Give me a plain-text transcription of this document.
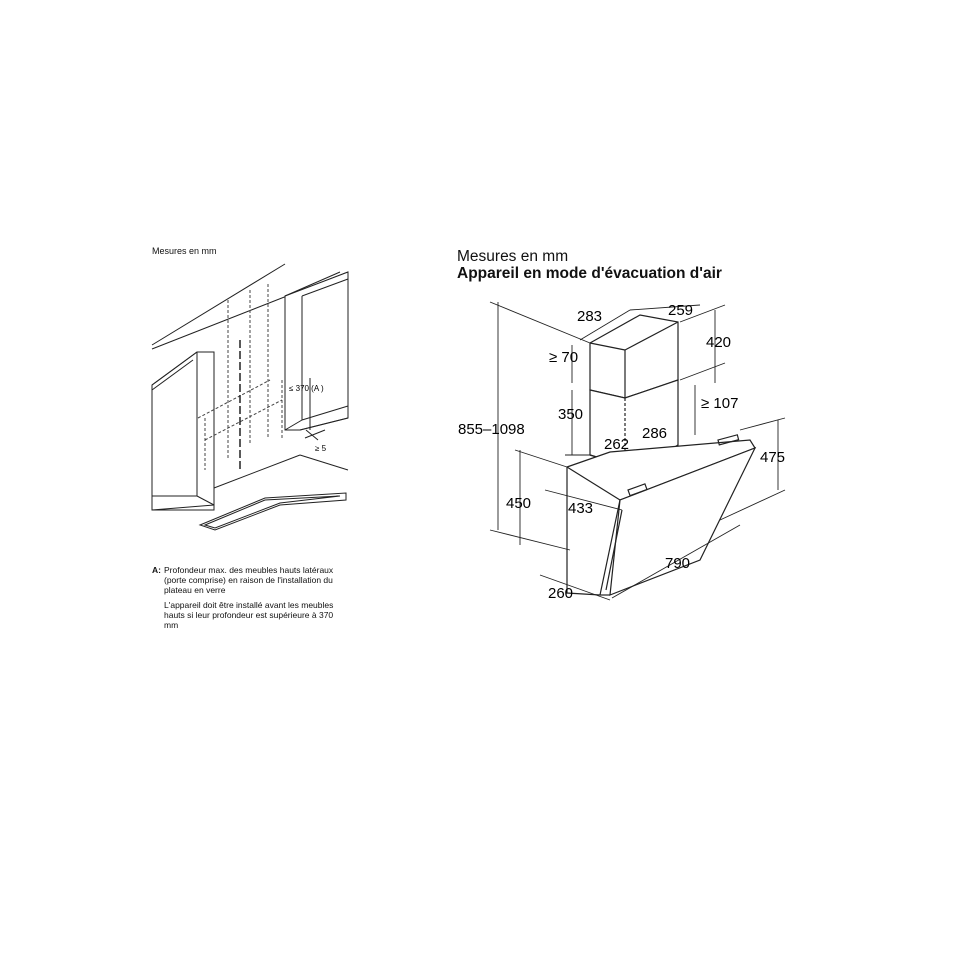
Mesures en mm
≤ 370 (A )
≥ 5
A: Profondeur max. des meubles hauts latéraux (porte comprise) en raison de l'installation du plateau en verre
L'appareil doit être installé avant les meubles hauts si leur profondeur est supérieure à 370 mm
Mesures en mm
Appareil en mode d'évacuation d'air
283	259
420
≥ 70
350
≥ 107
262
286
855–1098
475
450 433
790
260
